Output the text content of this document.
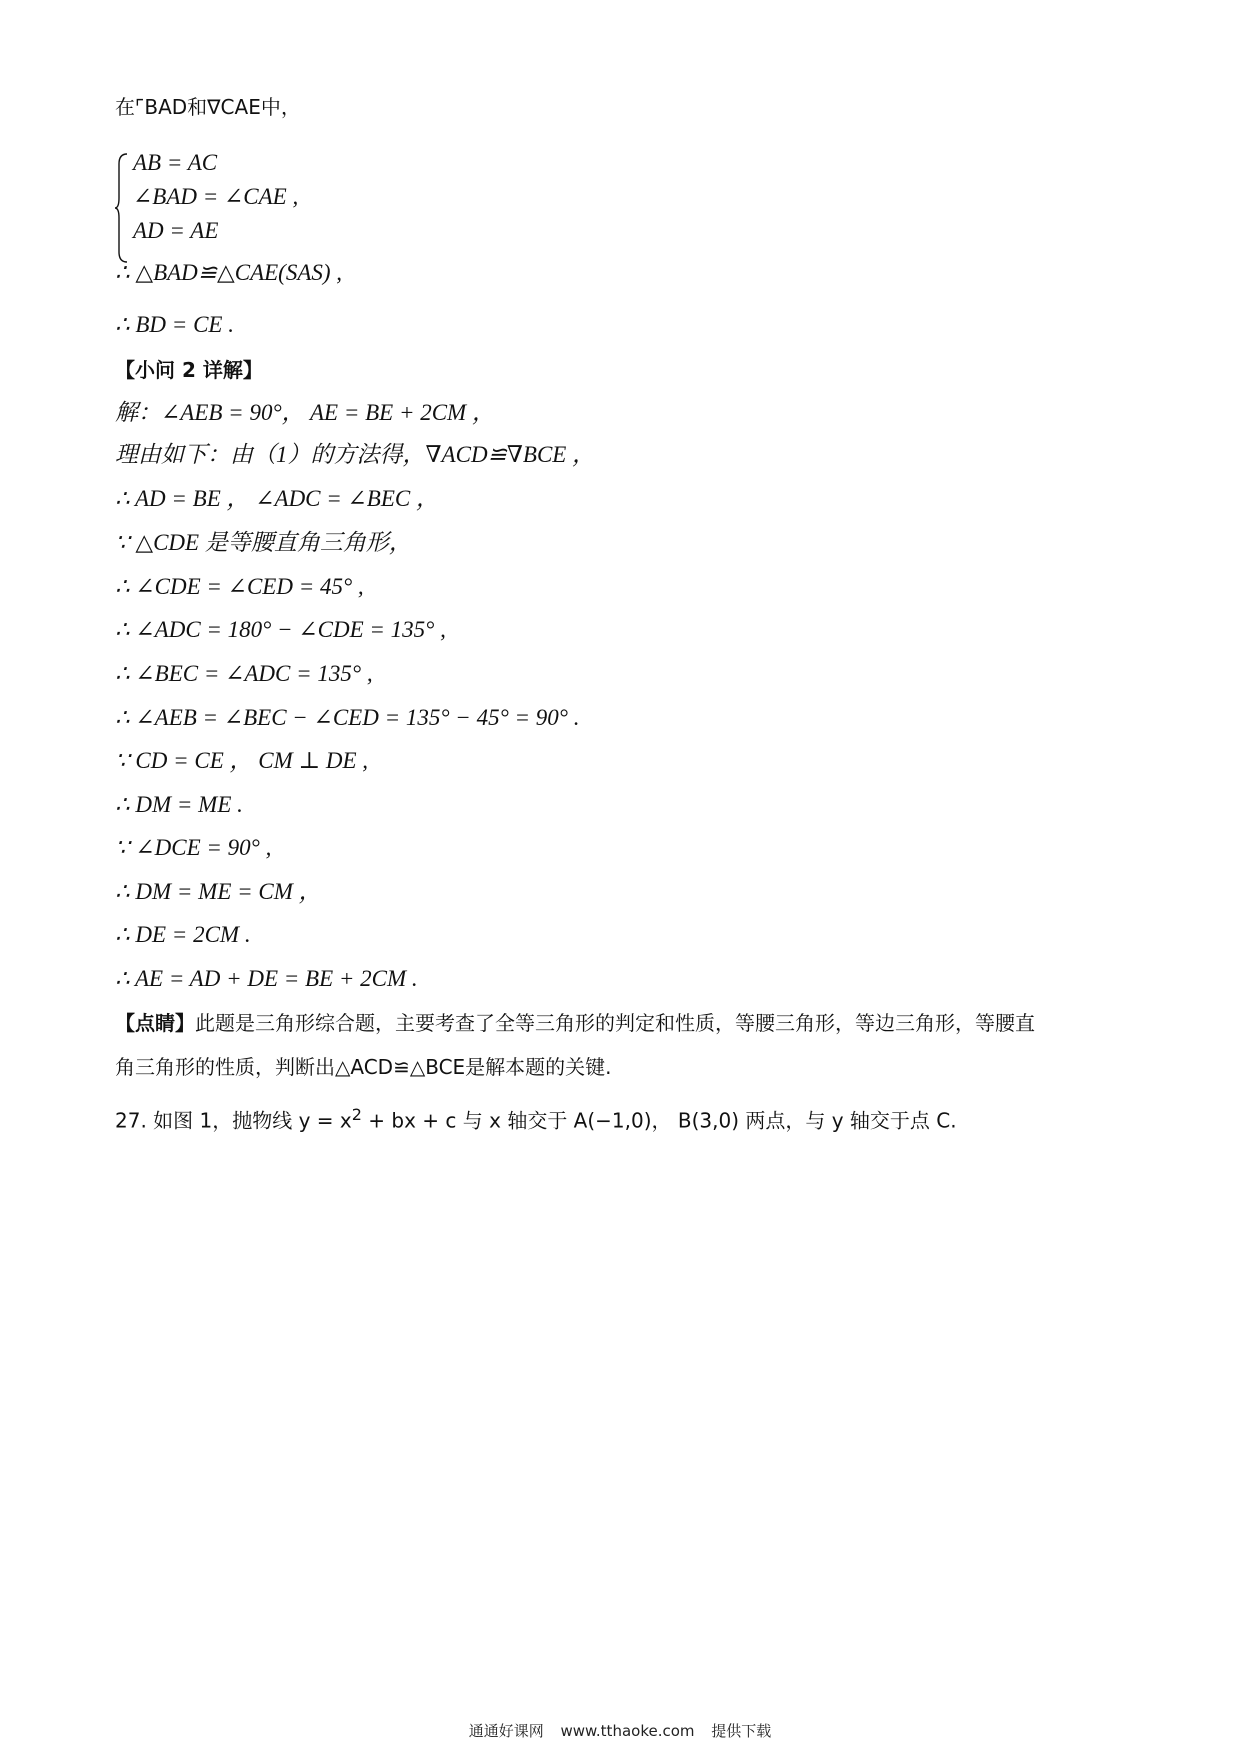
在⌜BAD和∇CAE中，
AB = AC
∠BAD = ∠CAE ,
AD = AE
∴ △BAD≌△CAE(SAS) ,
∴ BD = CE .
【小问 2 详解】
解：∠AEB = 90°， AE = BE + 2CM ，
理由如下：由（1）的方法得，∇ACD≌∇BCE ，
∴ AD = BE ， ∠ADC = ∠BEC ，
∵ △CDE 是等腰直角三角形，
∴ ∠CDE = ∠CED = 45° ,
∴ ∠ADC = 180° − ∠CDE = 135° ,
∴ ∠BEC = ∠ADC = 135° ,
∴ ∠AEB = ∠BEC − ∠CED = 135° − 45° = 90° .
∵ CD = CE ， CM ⊥ DE ,
∴ DM = ME .
∵ ∠DCE = 90° ,
∴ DM = ME = CM ，
∴ DE = 2CM .
∴ AE = AD + DE = BE + 2CM .
【点睛】此题是三角形综合题，主要考查了全等三角形的判定和性质，等腰三角形，等边三角形，等腰直
角三角形的性质，判断出△ACD≌△BCE是解本题的关键.
27. 如图 1，抛物线 $y = x^2$ + bx + c 与 x 轴交于 A(−1,0)， B(3,0) 两点，与 y 轴交于点 C.
通通好课网 www.tthaoke.com 提供下载
